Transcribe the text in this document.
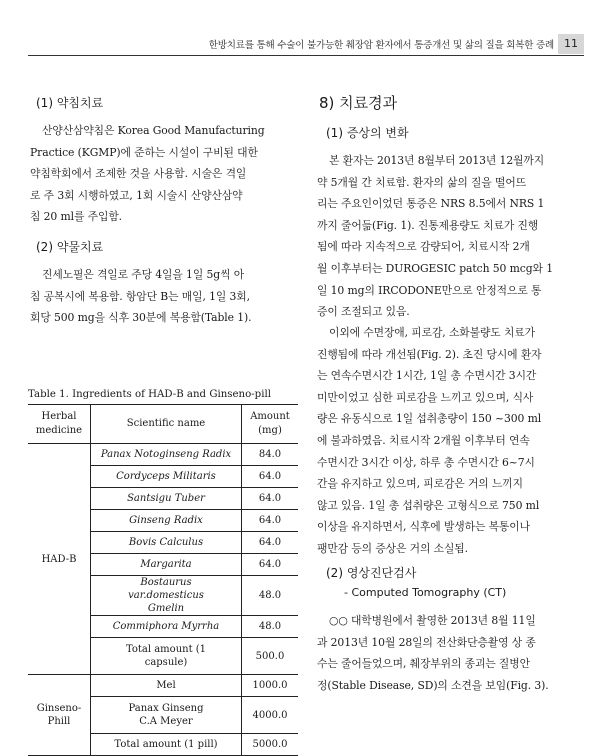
한방치료를 통해 수술이 불가능한 췌장암 환자에서 통증개선 및 삶의 질을 회복한 증례 11
(1) 약침치료
산양산삼약침은 Korea Good Manufacturing
Practice (KGMP)에 준하는 시설이 구비된 대한
약침학회에서 조제한 것을 사용함. 시술은 격일
로 주 3회 시행하였고, 1회 시술시 산양산삼약
침 20 ml를 주입함.
(2) 약물치료
진세노필은 격일로 주당 4일을 1일 5g씩 아
침 공복시에 복용함. 항암단 B는 매일, 1일 3회,
회당 500 mg을 식후 30분에 복용함(Table 1).
Table 1. Ingredients of HAD-B and Ginseno-pill
Herbal medicine	Scientific name	Amount (mg)
HAD-B	Panax Notoginseng Radix	84.0
	Cordyceps Militaris	64.0
	Santsigu Tuber	64.0
	Ginseng Radix	64.0
	Bovis Calculus	64.0
	Margarita	64.0
	Bostaurus var.domesticus Gmelin	48.0
	Commiphora Myrrha	48.0
	Total amount (1 capsule)	500.0
Ginseno-Phill	Mel	1000.0
	Panax Ginseng C.A Meyer	4000.0
	Total amount (1 pill)	5000.0
8) 치료경과
(1) 증상의 변화
본 환자는 2013년 8월부터 2013년 12월까지
약 5개월 간 치료함. 환자의 삶의 질을 떨어뜨
리는 주요인이었던 통증은 NRS 8.5에서 NRS 1
까지 줄어듦(Fig. 1). 진통제용량도 치료가 진행
됨에 따라 지속적으로 감량되어, 치료시작 2개
월 이후부터는 DUROGESIC patch 50 mcg와 1
일 10 mg의 IRCODONE만으로 안정적으로 통
증이 조절되고 있음.
이외에 수면장애, 피로감, 소화불량도 치료가
진행됨에 따라 개선됨(Fig. 2). 초진 당시에 환자
는 연속수면시간 1시간, 1일 총 수면시간 3시간
미만이었고 심한 피로감을 느끼고 있으며, 식사
량은 유동식으로 1일 섭취총량이 150 ~300 ml
에 불과하였음. 치료시작 2개월 이후부터 연속
수면시간 3시간 이상, 하루 총 수면시간 6~7시
간을 유지하고 있으며, 피로감은 거의 느끼지
않고 있음. 1일 총 섭취량은 고형식으로 750 ml
이상을 유지하면서, 식후에 발생하는 복통이나
팽만감 등의 증상은 거의 소실됨.
(2) 영상진단검사
- Computed Tomography (CT)
○○ 대학병원에서 촬영한 2013년 8월 11일
과 2013년 10월 28일의 전산화단층촬영 상 종
수는 줄어들었으며, 췌장부위의 종괴는 질병안
정(Stable Disease, SD)의 소견을 보임(Fig. 3).
